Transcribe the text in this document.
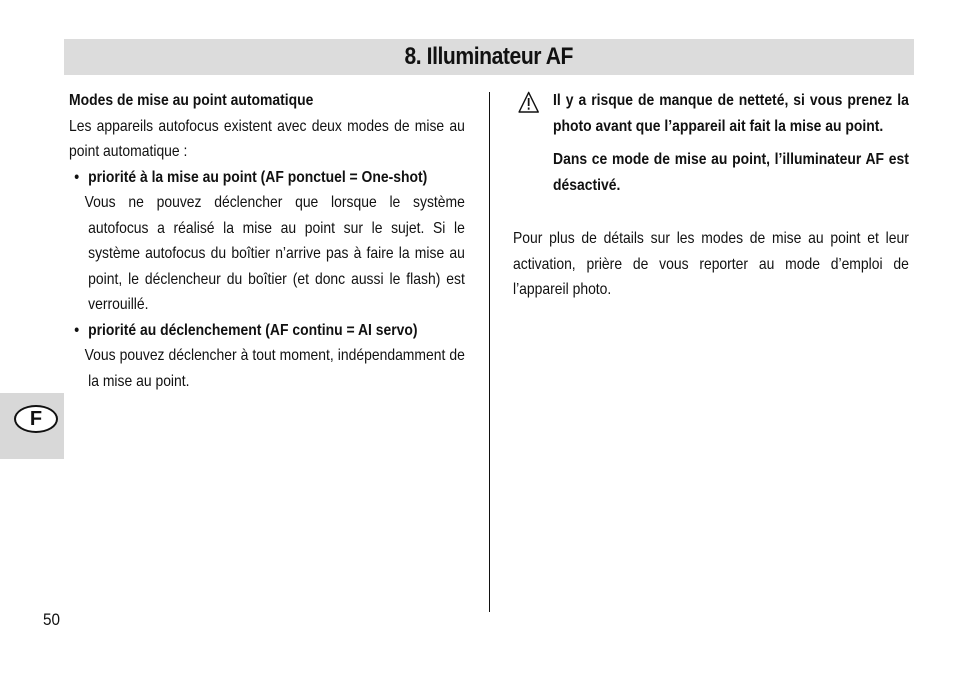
8. Illuminateur AF
F

Modes de mise au point automatique

Les appareils autofocus existent avec deux modes de mise au point automatique :

• priorité à la mise au point (AF ponctuel = One-shot)

Vous ne pouvez déclencher que lorsque le système autofocus a réalisé la mise au point sur le sujet. Si le système autofocus du boîtier n’arrive pas à faire la mise au point, le déclencheur du boîtier (et donc aussi le flash) est verrouillé.

• priorité au déclenchement (AF continu = AI servo)

Vous pouvez déclencher à tout moment, indépendamment de la mise au point.

Il y a risque de manque de netteté, si vous prenez la photo avant que l’appareil ait fait la mise au point.

Dans ce mode de mise au point, l’illuminateur AF est désactivé.

Pour plus de détails sur les modes de mise au point et leur activation, prière de vous reporter au mode d’emploi de l’appareil photo.

50
